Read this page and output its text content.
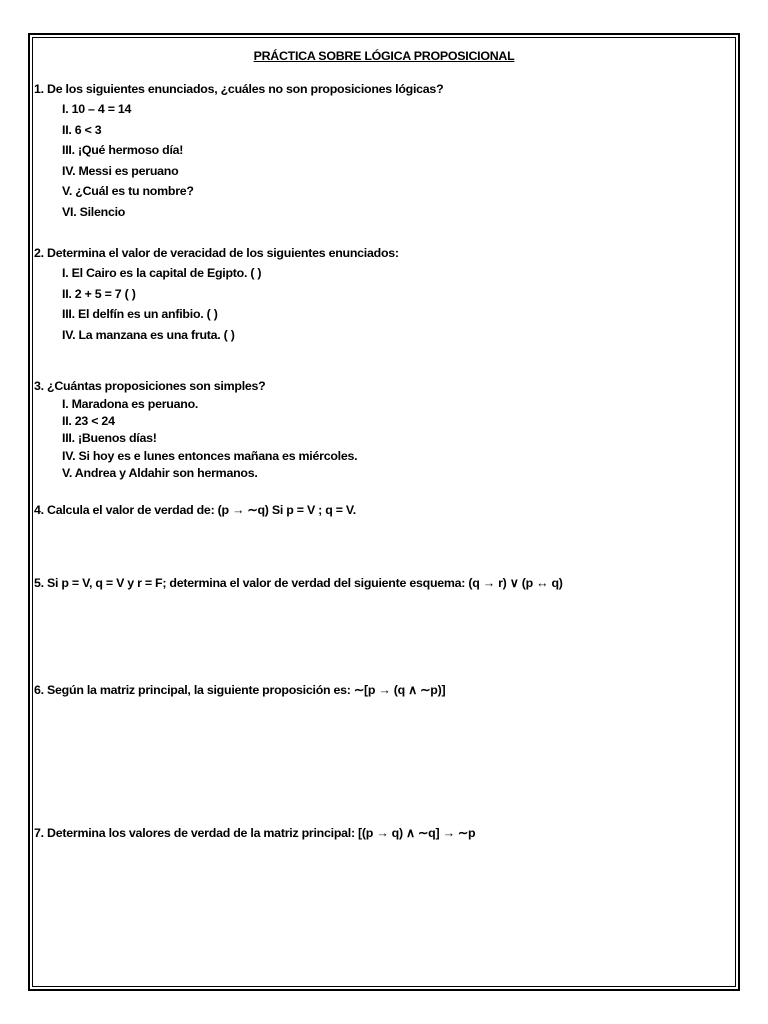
PRÁCTICA SOBRE LÓGICA PROPOSICIONAL
1. De los siguientes enunciados, ¿cuáles no son proposiciones lógicas?
I. 10 – 4 = 14
II. 6 < 3
III. ¡Qué hermoso día!
IV. Messi es peruano
V. ¿Cuál es tu nombre?
VI. Silencio
2. Determina el valor de veracidad de los siguientes enunciados:
I. El Cairo es la capital de Egipto. ( )
II. 2 + 5 = 7 ( )
III. El delfín es un anfibio. ( )
IV. La manzana es una fruta. ( )
3. ¿Cuántas proposiciones son simples?
I. Maradona es peruano.
II. 23 < 24
III. ¡Buenos días!
IV. Si hoy es e lunes entonces mañana es miércoles.
V. Andrea y Aldahir son hermanos.
4. Calcula el valor de verdad de: (p → ∼q) Si p = V ; q = V.
5. Si p = V, q = V y r = F; determina el valor de verdad del siguiente esquema: (q → r) ∨ (p ↔ q)
6. Según la matriz principal, la siguiente proposición es: ∼[p → (q ∧ ∼p)]
7. Determina los valores de verdad de la matriz principal: [(p → q) ∧ ∼q] → ∼p
